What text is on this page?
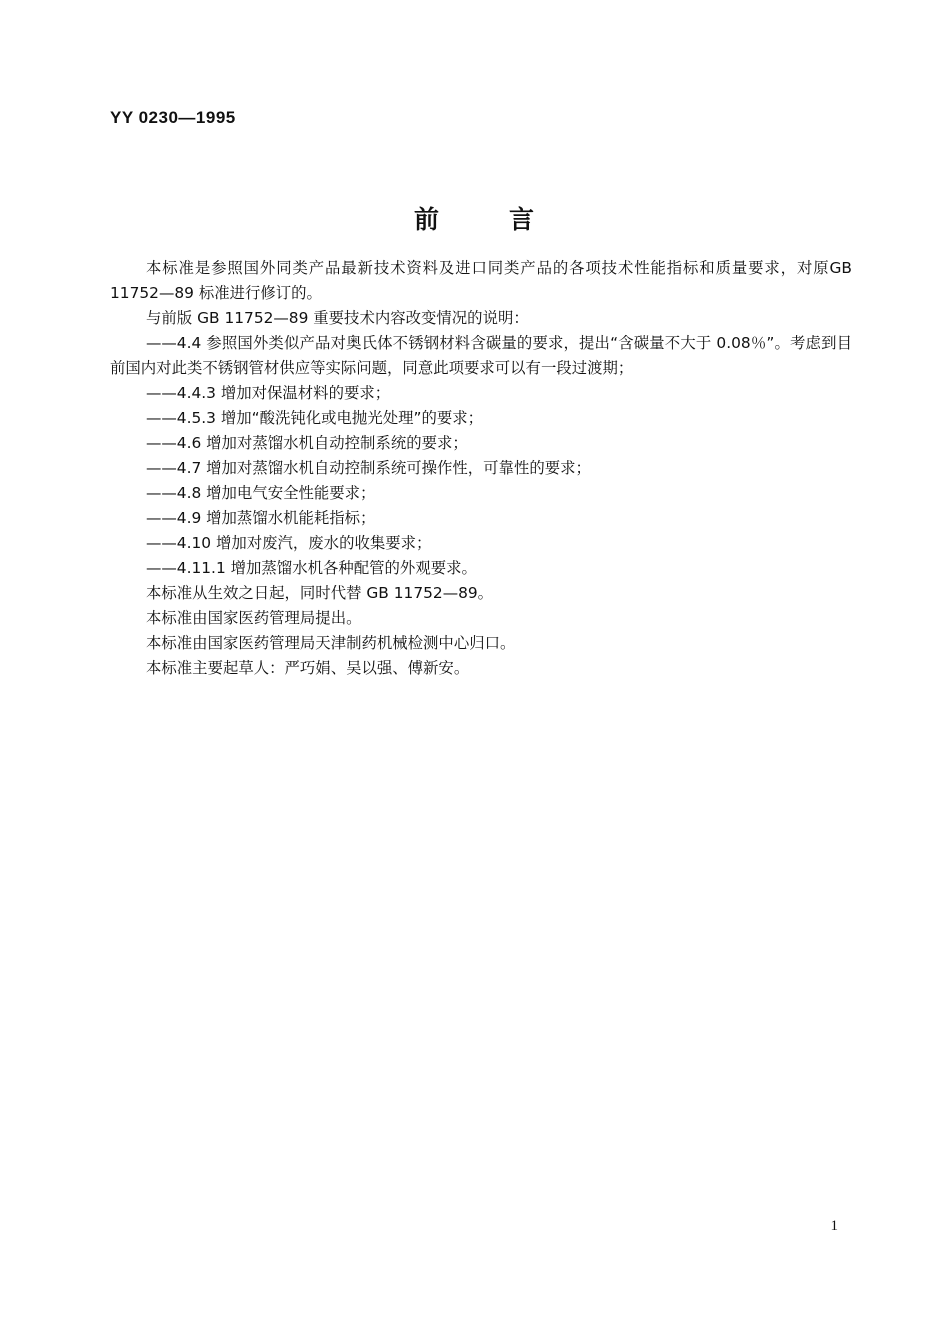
YY 0230—1995
前	言

本标准是参照国外同类产品最新技术资料及进口同类产品的各项技术性能指标和质量要求，对原GB 11752—89 标准进行修订的。

与前版 GB 11752—89 重要技术内容改变情况的说明：

——4.4 参照国外类似产品对奥氏体不锈钢材料含碳量的要求，提出“含碳量不大于 0.08％”。考虑到目前国内对此类不锈钢管材供应等实际问题，同意此项要求可以有一段过渡期；

——4.4.3 增加对保温材料的要求；

——4.5.3 增加“酸洗钝化或电抛光处理”的要求；

——4.6 增加对蒸馏水机自动控制系统的要求；

——4.7 增加对蒸馏水机自动控制系统可操作性，可靠性的要求；

——4.8 增加电气安全性能要求；

——4.9 增加蒸馏水机能耗指标；

——4.10 增加对废汽，废水的收集要求；

——4.11.1 增加蒸馏水机各种配管的外观要求。

本标准从生效之日起，同时代替 GB 11752—89。

本标准由国家医药管理局提出。

本标准由国家医药管理局天津制药机械检测中心归口。

本标准主要起草人：严巧娟、吴以强、傅新安。

1
